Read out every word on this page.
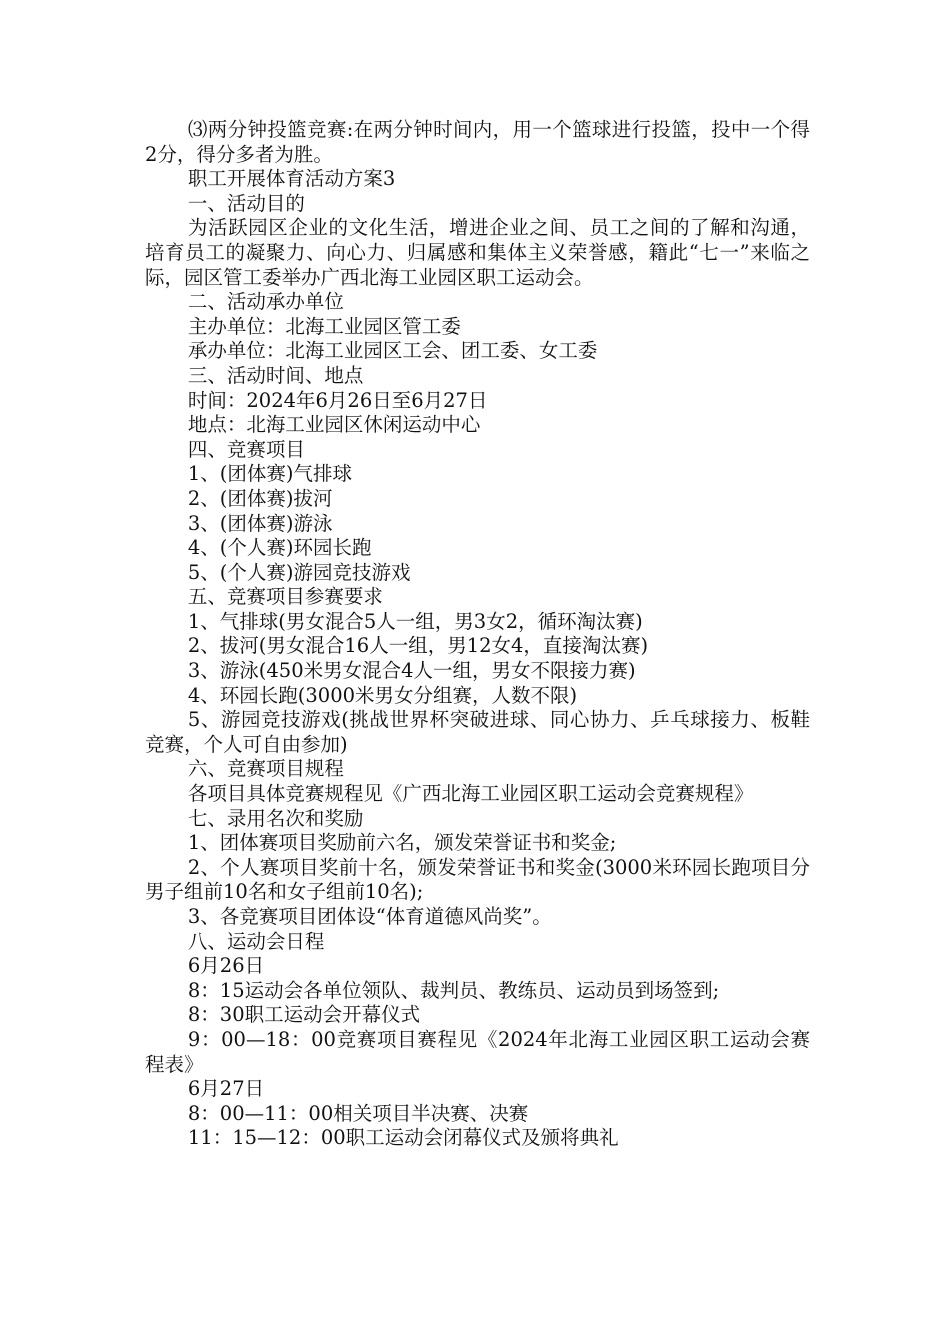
⑶两分钟投篮竞赛:在两分钟时间内，用一个篮球进行投篮，投中一个得2分，得分多者为胜。

职工开展体育活动方案3

一、活动目的

为活跃园区企业的文化生活，增进企业之间、员工之间的了解和沟通，培育员工的凝聚力、向心力、归属感和集体主义荣誉感，籍此“七一”来临之际，园区管工委举办广西北海工业园区职工运动会。

二、活动承办单位

主办单位：北海工业园区管工委

承办单位：北海工业园区工会、团工委、女工委

三、活动时间、地点

时间：2024年6月26日至6月27日

地点：北海工业园区休闲运动中心

四、竞赛项目

1、(团体赛)气排球

2、(团体赛)拔河

3、(团体赛)游泳

4、(个人赛)环园长跑

5、(个人赛)游园竞技游戏

五、竞赛项目参赛要求

1、气排球(男女混合5人一组，男3女2，循环淘汰赛)

2、拔河(男女混合16人一组，男12女4，直接淘汰赛)

3、游泳(450米男女混合4人一组，男女不限接力赛)

4、环园长跑(3000米男女分组赛，人数不限)

5、游园竞技游戏(挑战世界杯突破进球、同心协力、乒乓球接力、板鞋竞赛，个人可自由参加)

六、竞赛项目规程

各项目具体竞赛规程见《广西北海工业园区职工运动会竞赛规程》

七、录用名次和奖励

1、团体赛项目奖励前六名，颁发荣誉证书和奖金;

2、个人赛项目奖前十名，颁发荣誉证书和奖金(3000米环园长跑项目分男子组前10名和女子组前10名);

3、各竞赛项目团体设“体育道德风尚奖”。

八、运动会日程

6月26日

8：15运动会各单位领队、裁判员、教练员、运动员到场签到;

8：30职工运动会开幕仪式

9：00—18：00竞赛项目赛程见《2024年北海工业园区职工运动会赛程表》

6月27日

8：00—11：00相关项目半决赛、决赛

11：15—12：00职工运动会闭幕仪式及颁将典礼
